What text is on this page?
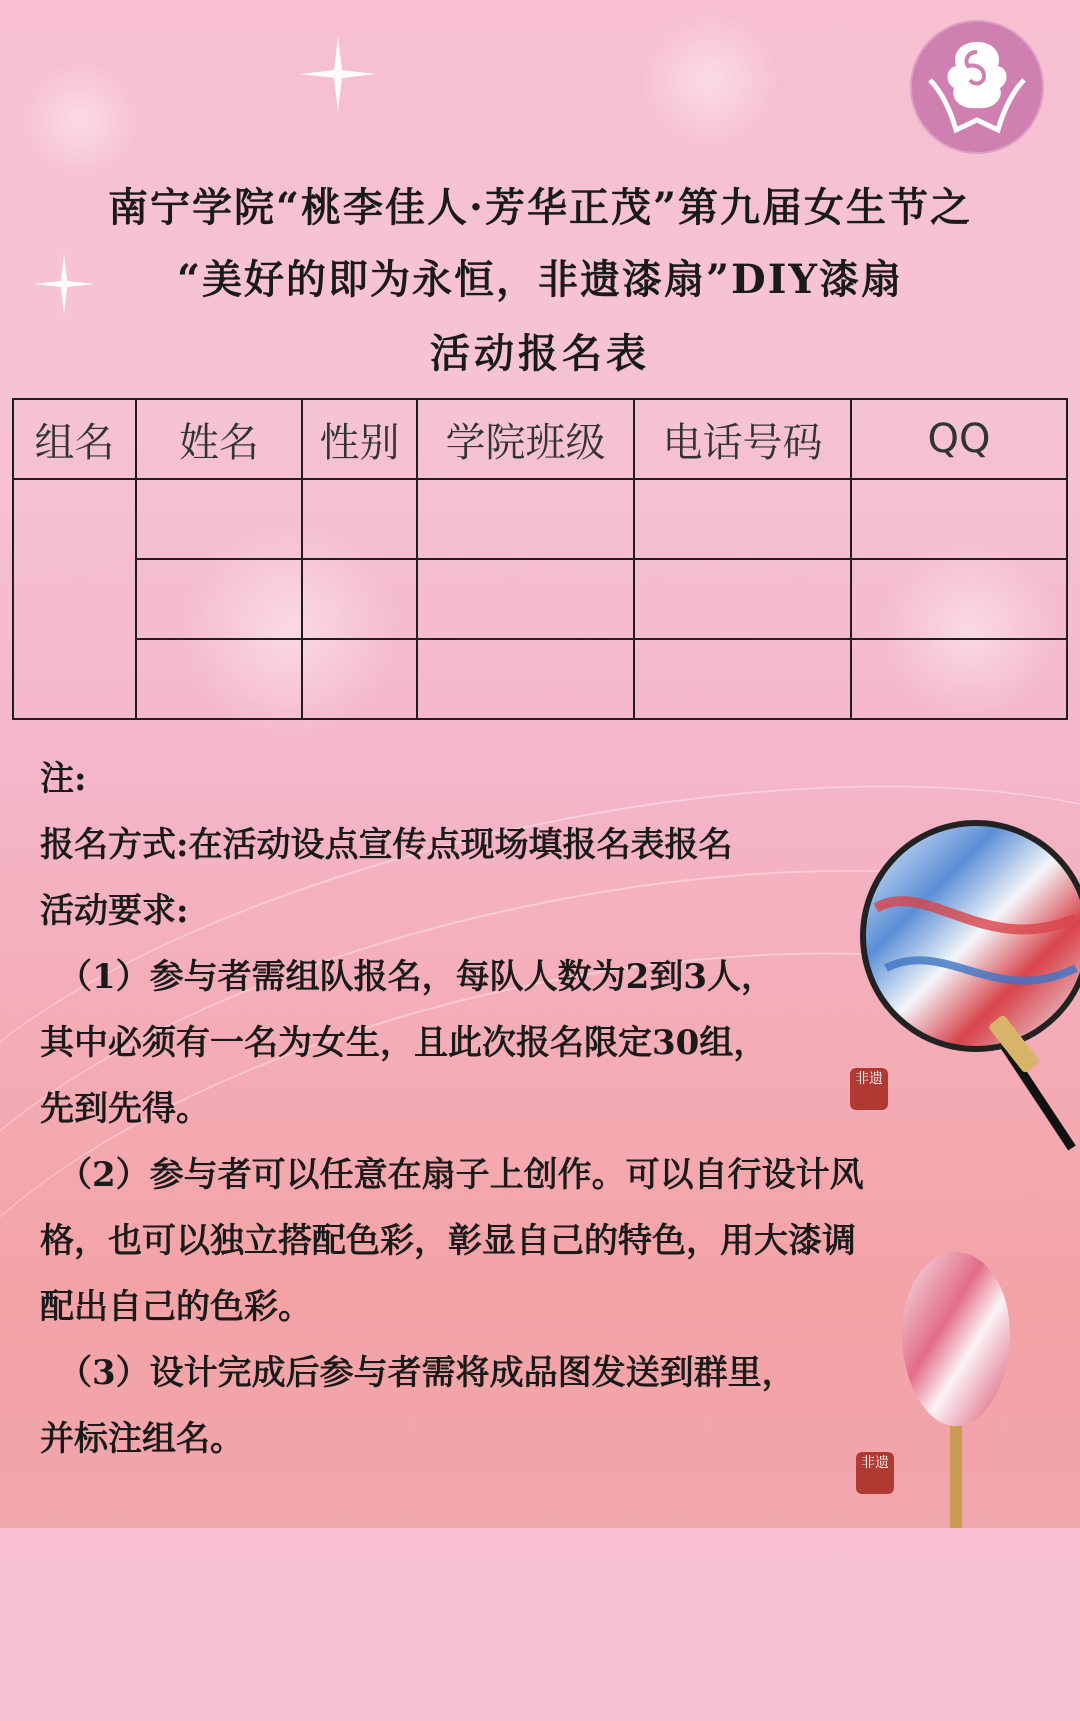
南宁学院“桃李佳人·芳华正茂”第九届女生节之
“美好的即为永恒，非遗漆扇”DIY漆扇
活动报名表
组名	姓名	性别	学院班级	电话号码	QQ

非遗
非遗

注:

报名方式:在活动设点宣传点现场填报名表报名

活动要求:

（1）参与者需组队报名，每队人数为2到3人，

其中必须有一名为女生，且此次报名限定30组，

先到先得。

（2）参与者可以任意在扇子上创作。可以自行设计风

格，也可以独立搭配色彩，彰显自己的特色，用大漆调

配出自己的色彩。

（3）设计完成后参与者需将成品图发送到群里，

并标注组名。
